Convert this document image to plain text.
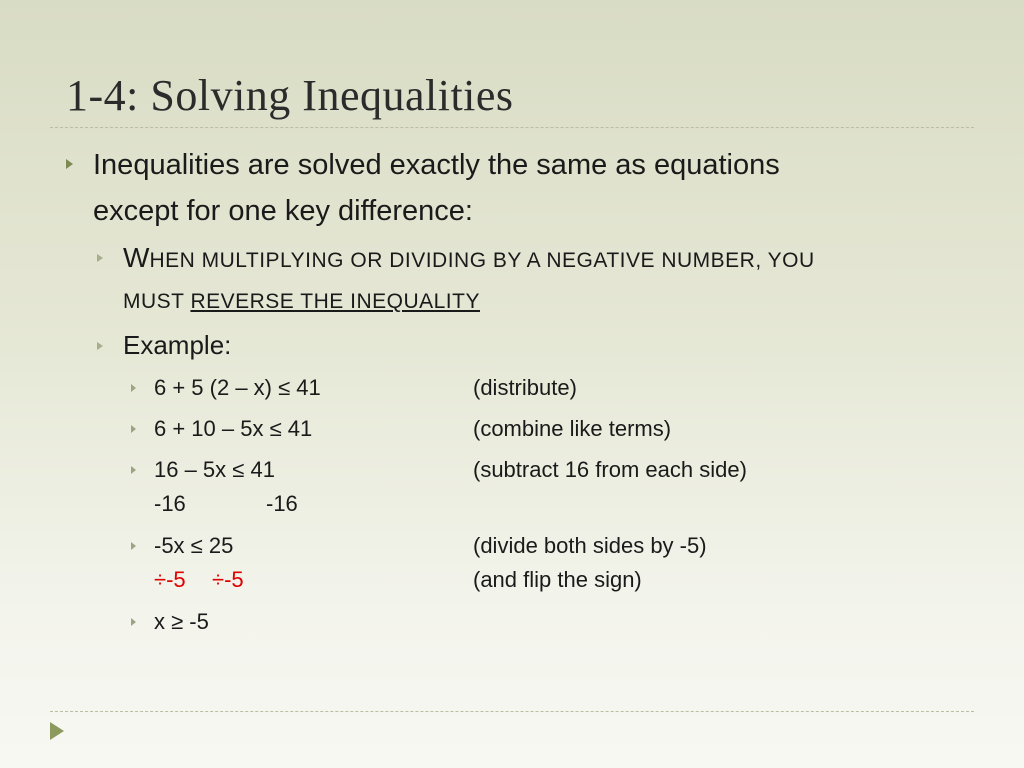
1-4: Solving Inequalities
Inequalities are solved exactly the same as equations
except for one key difference:
WHEN MULTIPLYING OR DIVIDING BY A NEGATIVE NUMBER, YOU
MUST REVERSE THE INEQUALITY
Example:
6 + 5 (2 – x) ≤ 41	(distribute)
6 + 10 – 5x ≤ 41	(combine like terms)
16 – 5x ≤ 41	(subtract 16 from each side)
-16	-16
-5x ≤ 25	(divide both sides by -5)
÷-5 ÷-5	(and flip the sign)
x ≥ -5
